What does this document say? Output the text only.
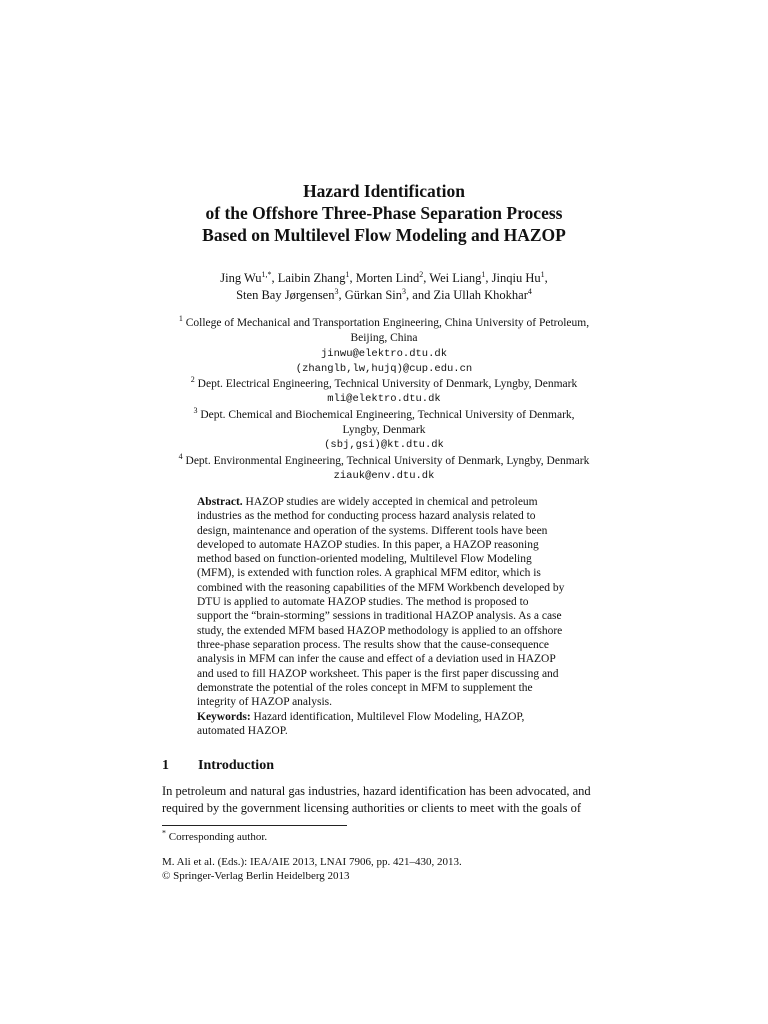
Hazard Identification
of the Offshore Three-Phase Separation Process
Based on Multilevel Flow Modeling and HAZOP
Jing $Wu^{1,*}$, Laibin Zhang$^1$, Morten Lind$^2$, Wei Liang$^1$, Jinqiu Hu$^1$,
Sten Bay Jørgensen$^3$, Gürkan Sin$^3$, and Zia Ullah Khokhar$^4$
$^1$ College of Mechanical and Transportation Engineering, China University of Petroleum,
Beijing, China
jinwu@elektro.dtu.dk
(zhanglb,lw,hujq)@cup.edu.cn
$^2$ Dept. Electrical Engineering, Technical University of Denmark, Lyngby, Denmark
mli@elektro.dtu.dk
$^3$ Dept. Chemical and Biochemical Engineering, Technical University of Denmark,
Lyngby, Denmark
(sbj,gsi)@kt.dtu.dk
$^4$ Dept. Environmental Engineering, Technical University of Denmark, Lyngby, Denmark
ziauk@env.dtu.dk
Abstract. HAZOP studies are widely accepted in chemical and petroleum
industries as the method for conducting process hazard analysis related to
design, maintenance and operation of the systems. Different tools have been
developed to automate HAZOP studies. In this paper, a HAZOP reasoning
method based on function-oriented modeling, Multilevel Flow Modeling
(MFM), is extended with function roles. A graphical MFM editor, which is
combined with the reasoning capabilities of the MFM Workbench developed by
DTU is applied to automate HAZOP studies. The method is proposed to
support the “brain-storming” sessions in traditional HAZOP analysis. As a case
study, the extended MFM based HAZOP methodology is applied to an offshore
three-phase separation process. The results show that the cause-consequence
analysis in MFM can infer the cause and effect of a deviation used in HAZOP
and used to fill HAZOP worksheet. This paper is the first paper discussing and
demonstrate the potential of the roles concept in MFM to supplement the
integrity of HAZOP analysis.
Keywords: Hazard identification, Multilevel Flow Modeling, HAZOP,
automated HAZOP.
1 Introduction
In petroleum and natural gas industries, hazard identification has been advocated, and
required by the government licensing authorities or clients to meet with the goals of
* Corresponding author.
M. Ali et al. (Eds.): IEA/AIE 2013, LNAI 7906, pp. 421–430, 2013.
© Springer-Verlag Berlin Heidelberg 2013
